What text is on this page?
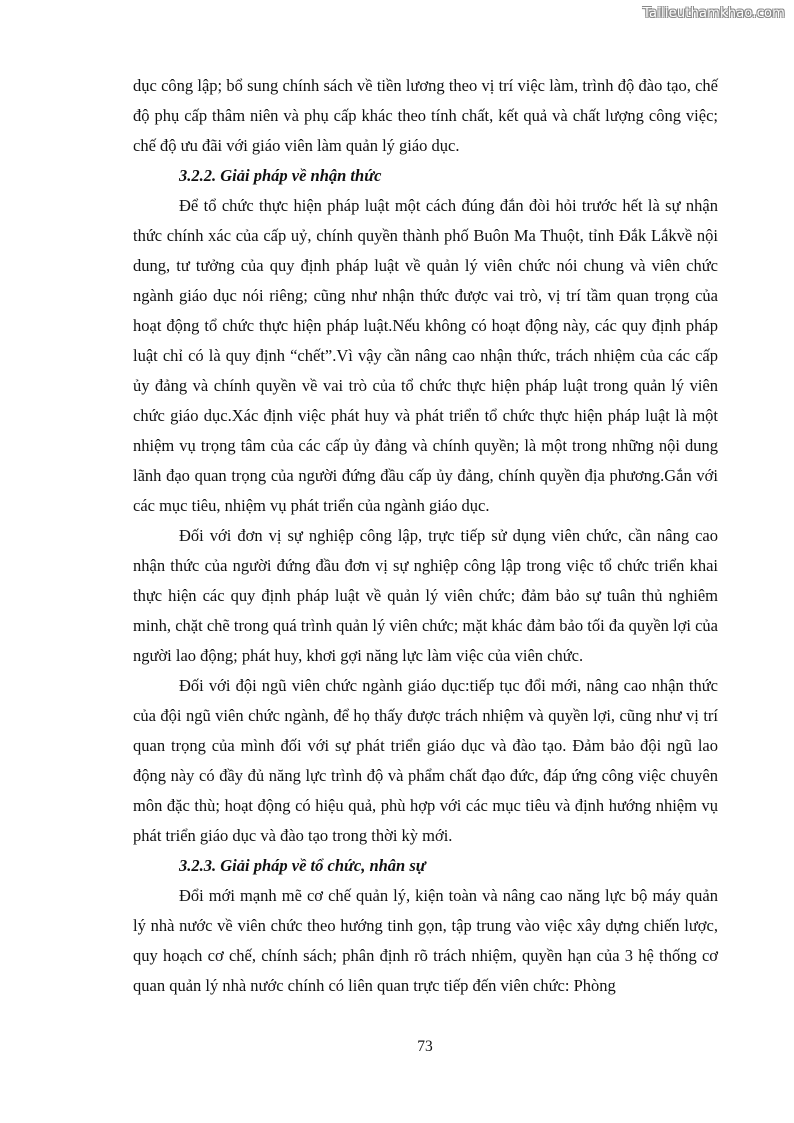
Tailieuthamkhao.com

dục công lập; bổ sung chính sách về tiền lương theo vị trí việc làm, trình độ đào tạo, chế độ phụ cấp thâm niên và phụ cấp khác theo tính chất, kết quả và chất lượng công việc; chế độ ưu đãi với giáo viên làm quản lý giáo dục.

3.2.2. Giải pháp về nhận thức

Để tổ chức thực hiện pháp luật một cách đúng đắn đòi hỏi trước hết là sự nhận thức chính xác của cấp uỷ, chính quyền thành phố Buôn Ma Thuột, tỉnh Đắk Lắkvề nội dung, tư tưởng của quy định pháp luật về quản lý viên chức nói chung và viên chức ngành giáo dục nói riêng; cũng như nhận thức được vai trò, vị trí tầm quan trọng của hoạt động tổ chức thực hiện pháp luật.Nếu không có hoạt động này, các quy định pháp luật chỉ có là quy định “chết”.Vì vậy cần nâng cao nhận thức, trách nhiệm của các cấp ủy đảng và chính quyền về vai trò của tổ chức thực hiện pháp luật trong quản lý viên chức giáo dục.Xác định việc phát huy và phát triển tổ chức thực hiện pháp luật là một nhiệm vụ trọng tâm của các cấp ủy đảng và chính quyền; là một trong những nội dung lãnh đạo quan trọng của người đứng đầu cấp ủy đảng, chính quyền địa phương.Gắn với các mục tiêu, nhiệm vụ phát triển của ngành giáo dục.

Đối với đơn vị sự nghiệp công lập, trực tiếp sử dụng viên chức, cần nâng cao nhận thức của người đứng đầu đơn vị sự nghiệp công lập trong việc tổ chức triển khai thực hiện các quy định pháp luật về quản lý viên chức; đảm bảo sự tuân thủ nghiêm minh, chặt chẽ trong quá trình quản lý viên chức; mặt khác đảm bảo tối đa quyền lợi của người lao động; phát huy, khơi gợi năng lực làm việc của viên chức.

Đối với đội ngũ viên chức ngành giáo dục:tiếp tục đổi mới, nâng cao nhận thức của đội ngũ viên chức ngành, để họ thấy được trách nhiệm và quyền lợi, cũng như vị trí quan trọng của mình đối với sự phát triển giáo dục và đào tạo. Đảm bảo đội ngũ lao động này có đầy đủ năng lực trình độ và phẩm chất đạo đức, đáp ứng công việc chuyên môn đặc thù; hoạt động có hiệu quả, phù hợp với các mục tiêu và định hướng nhiệm vụ phát triển giáo dục và đào tạo trong thời kỳ mới.

3.2.3. Giải pháp về tổ chức, nhân sự

Đổi mới mạnh mẽ cơ chế quản lý, kiện toàn và nâng cao năng lực bộ máy quản lý nhà nước về viên chức theo hướng tinh gọn, tập trung vào việc xây dựng chiến lược, quy hoạch cơ chế, chính sách; phân định rõ trách nhiệm, quyền hạn của 3 hệ thống cơ quan quản lý nhà nước chính có liên quan trực tiếp đến viên chức: Phòng

73
